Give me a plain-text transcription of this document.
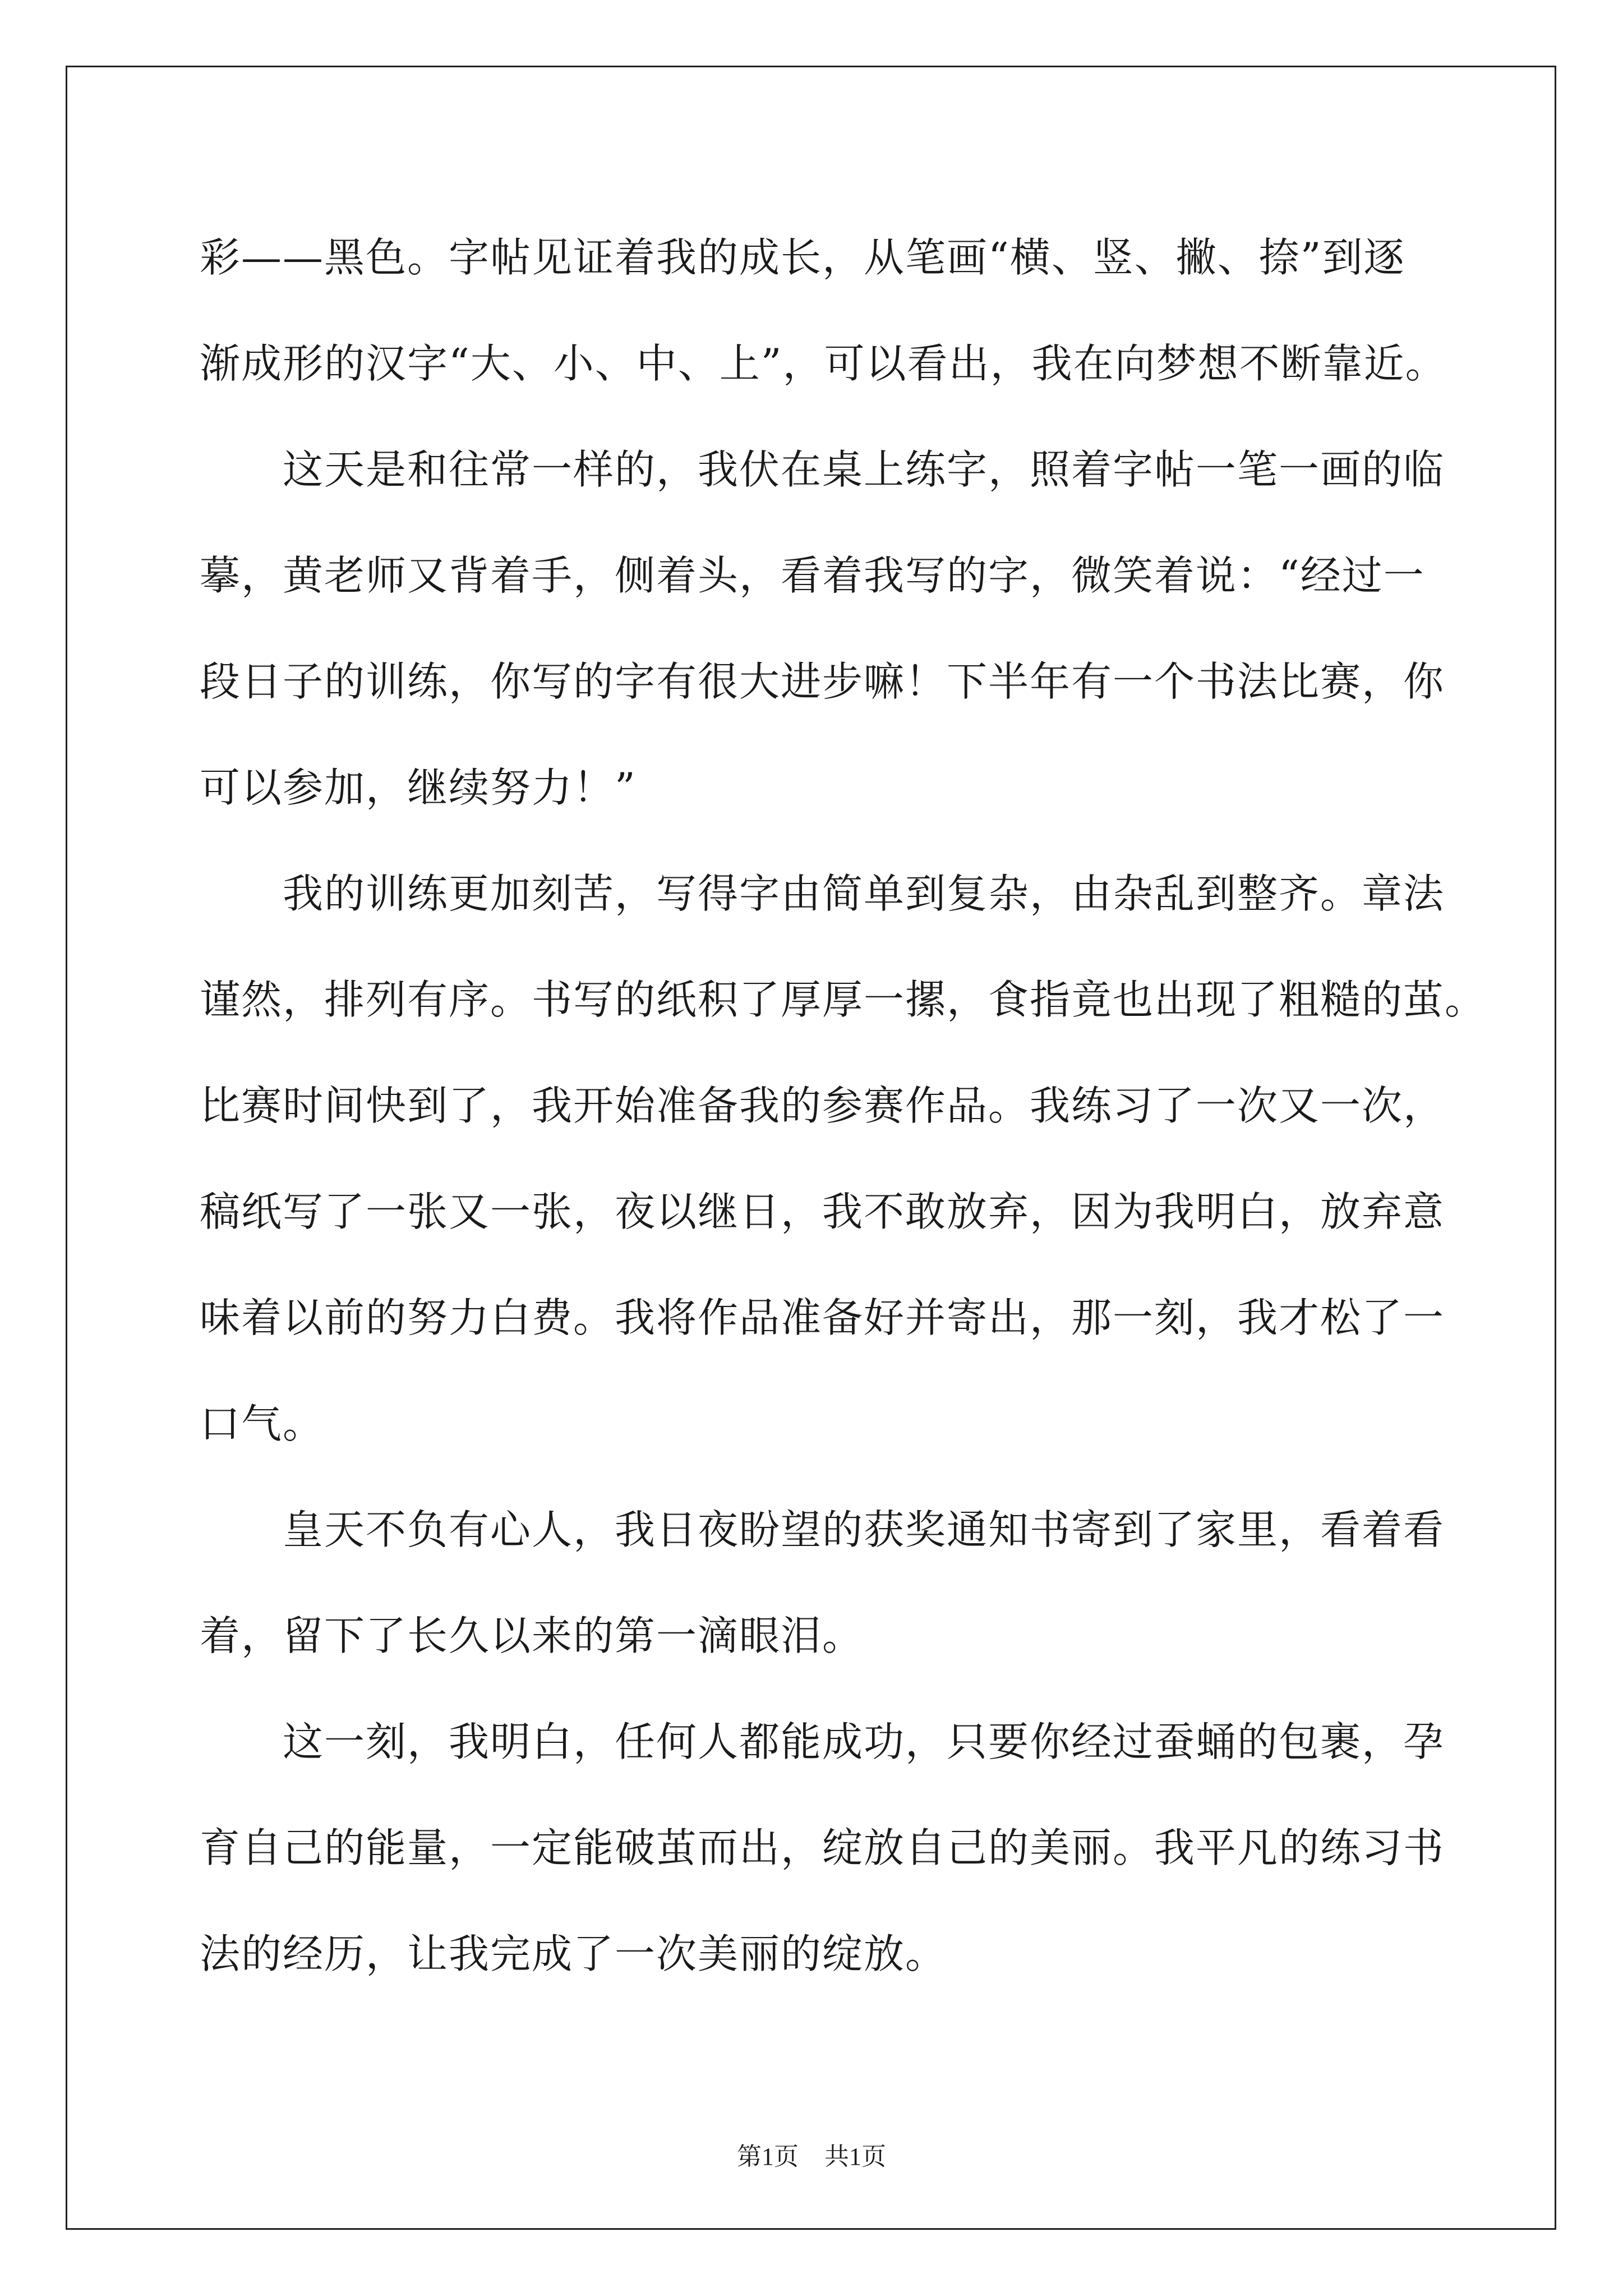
彩——黑色。字帖见证着我的成长，从笔画“横、竖、撇、捺”到逐
渐成形的汉字“大、小、中、上”，可以看出，我在向梦想不断靠近。
这天是和往常一样的，我伏在桌上练字，照着字帖一笔一画的临
摹，黄老师又背着手，侧着头，看着我写的字，微笑着说：“经过一
段日子的训练，你写的字有很大进步嘛！下半年有一个书法比赛，你
可以参加，继续努力！”
我的训练更加刻苦，写得字由简单到复杂，由杂乱到整齐。章法
谨然，排列有序。书写的纸积了厚厚一摞，食指竟也出现了粗糙的茧。
比赛时间快到了，我开始准备我的参赛作品。我练习了一次又一次，
稿纸写了一张又一张，夜以继日，我不敢放弃，因为我明白，放弃意
味着以前的努力白费。我将作品准备好并寄出，那一刻，我才松了一
口气。
皇天不负有心人，我日夜盼望的获奖通知书寄到了家里，看着看
着，留下了长久以来的第一滴眼泪。
这一刻，我明白，任何人都能成功，只要你经过蚕蛹的包裹，孕
育自己的能量，一定能破茧而出，绽放自己的美丽。我平凡的练习书
法的经历，让我完成了一次美丽的绽放。
第1页 共1页
